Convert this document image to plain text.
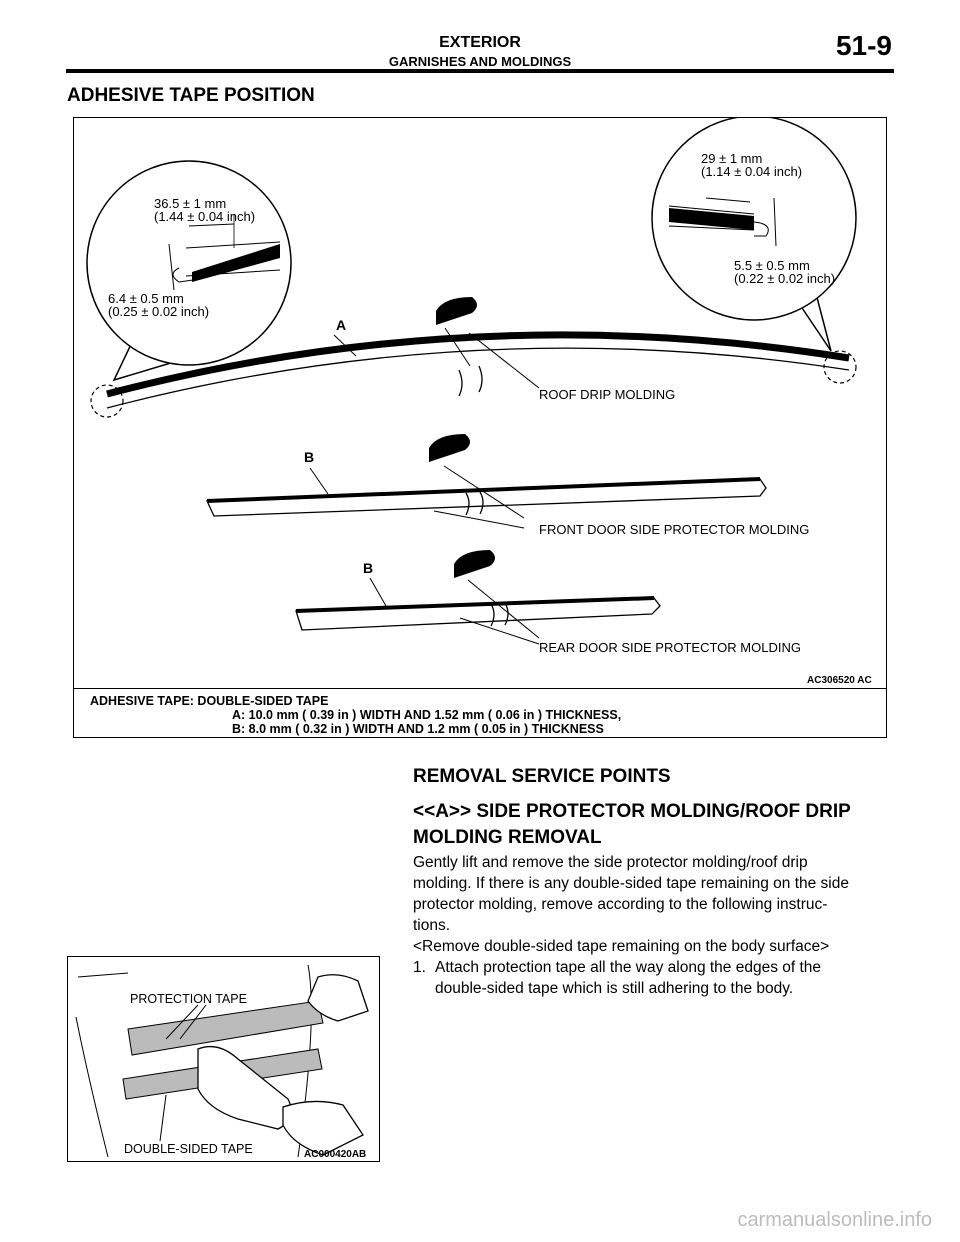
EXTERIOR
GARNISHES AND MOLDINGS
51-9
ADHESIVE TAPE POSITION
36.5 ± 1 mm
(1.44 ± 0.04 inch)
6.4 ± 0.5 mm
(0.25 ± 0.02 inch)
29 ± 1 mm
(1.14 ± 0.04 inch)
5.5 ± 0.5 mm
(0.22 ± 0.02 inch)
A
ROOF DRIP MOLDING
B
FRONT DOOR SIDE PROTECTOR MOLDING
B
REAR DOOR SIDE PROTECTOR MOLDING
AC306520 AC
ADHESIVE TAPE: DOUBLE-SIDED TAPE
A: 10.0 mm ( 0.39 in ) WIDTH AND 1.52 mm ( 0.06 in ) THICKNESS,
B: 8.0 mm ( 0.32 in ) WIDTH AND 1.2 mm ( 0.05 in ) THICKNESS
REMOVAL SERVICE POINTS
<<A>> SIDE PROTECTOR MOLDING/ROOF DRIP
MOLDING REMOVAL
Gently lift and remove the side protector molding/roof drip
molding. If there is any double-sided tape remaining on the side
protector molding, remove according to the following instruc-
tions.
<Remove double-sided tape remaining on the body surface>
1. Attach protection tape all the way along the edges of the
double-sided tape which is still adhering to the body.
PROTECTION TAPE
DOUBLE-SIDED TAPE	AC000420AB
carmanualsonline.info
